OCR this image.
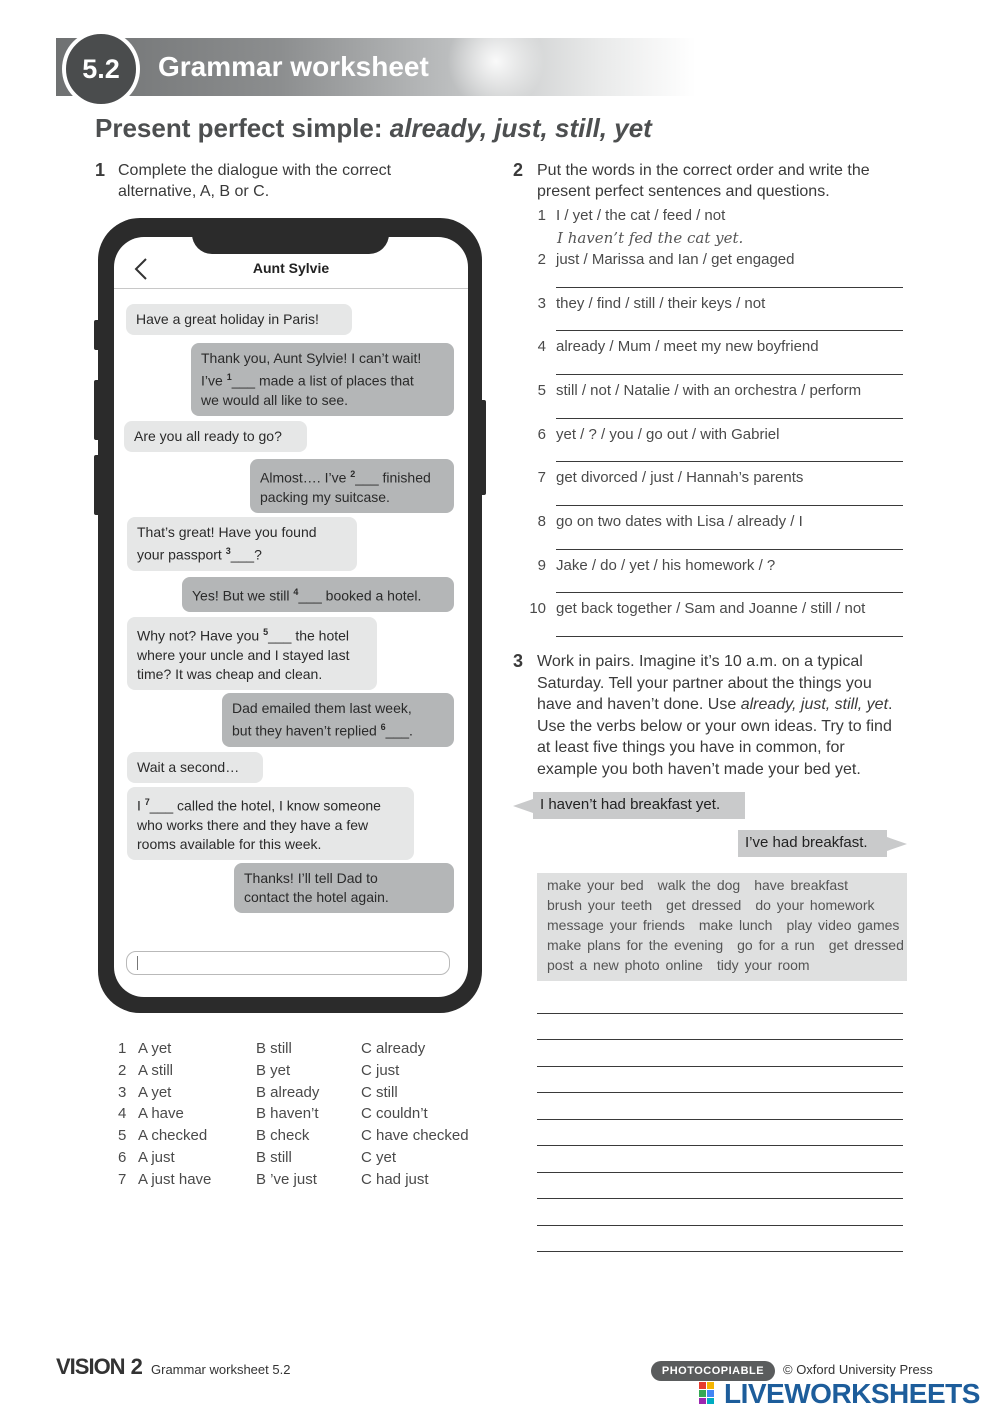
5.2	Grammar worksheet
Present perfect simple: already, just, still, yet
1 Complete the dialogue with the correct
alternative, A, B or C.
Aunt Sylvie
Have a great holiday in Paris!
Thank you, Aunt Sylvie! I can’t wait!
I’ve $^1$___ made a list of places that
we would all like to see.
Are you all ready to go?
Almost…. I’ve $^2$___ finished
packing my suitcase.
That’s great! Have you found
your passport $^3$___?
Yes! But we still $^4$___ booked a hotel.
Why not? Have you $^5$___ the hotel
where your uncle and I stayed last
time? It was cheap and clean.
Dad emailed them last week,
but they haven’t replied $^6$___.
Wait a second…
I $^7$___ called the hotel, I know someone
who works there and they have a few
rooms available for this week.
Thanks! I’ll tell Dad to
contact the hotel again.
1 A yet	B still	C already
2 A still	B yet	C just
3 A yet	B already	C still
4 A have	B haven’t	C couldn’t
5 A checked	B check	C have checked
6 A just	B still	C yet
7 A just have	B ’ve just	C had just
2 Put the words in the correct order and write the
present perfect sentences and questions.
1 I / yet / the cat / feed / not
I haven’t fed the cat yet.
2 just / Marissa and Ian / get engaged
3 they / find / still / their keys / not
4 already / Mum / meet my new boyfriend
5 still / not / Natalie / with an orchestra / perform
6 yet / ? / you / go out / with Gabriel
7 get divorced / just / Hannah’s parents
8 go on two dates with Lisa / already / I
9 Jake / do / yet / his homework / ?
10 get back together / Sam and Joanne / still / not
3 Work in pairs. Imagine it’s 10 a.m. on a typical Saturday. Tell your partner about the things you have and haven’t done. Use already, just, still, yet. Use the verbs below or your own ideas. Try to find at least five things you have in common, for example you both haven’t made your bed yet.
I haven’t had breakfast yet.
I’ve had breakfast.
make your bed walk the dog have breakfast
brush your teeth get dressed do your homework
message your friends make lunch play video games
make plans for the evening go for a run get dressed
post a new photo online tidy your room
VISION 2 Grammar worksheet 5.2	PHOTOCOPIABLE	© Oxford University Press
LIVEWORKSHEETS
